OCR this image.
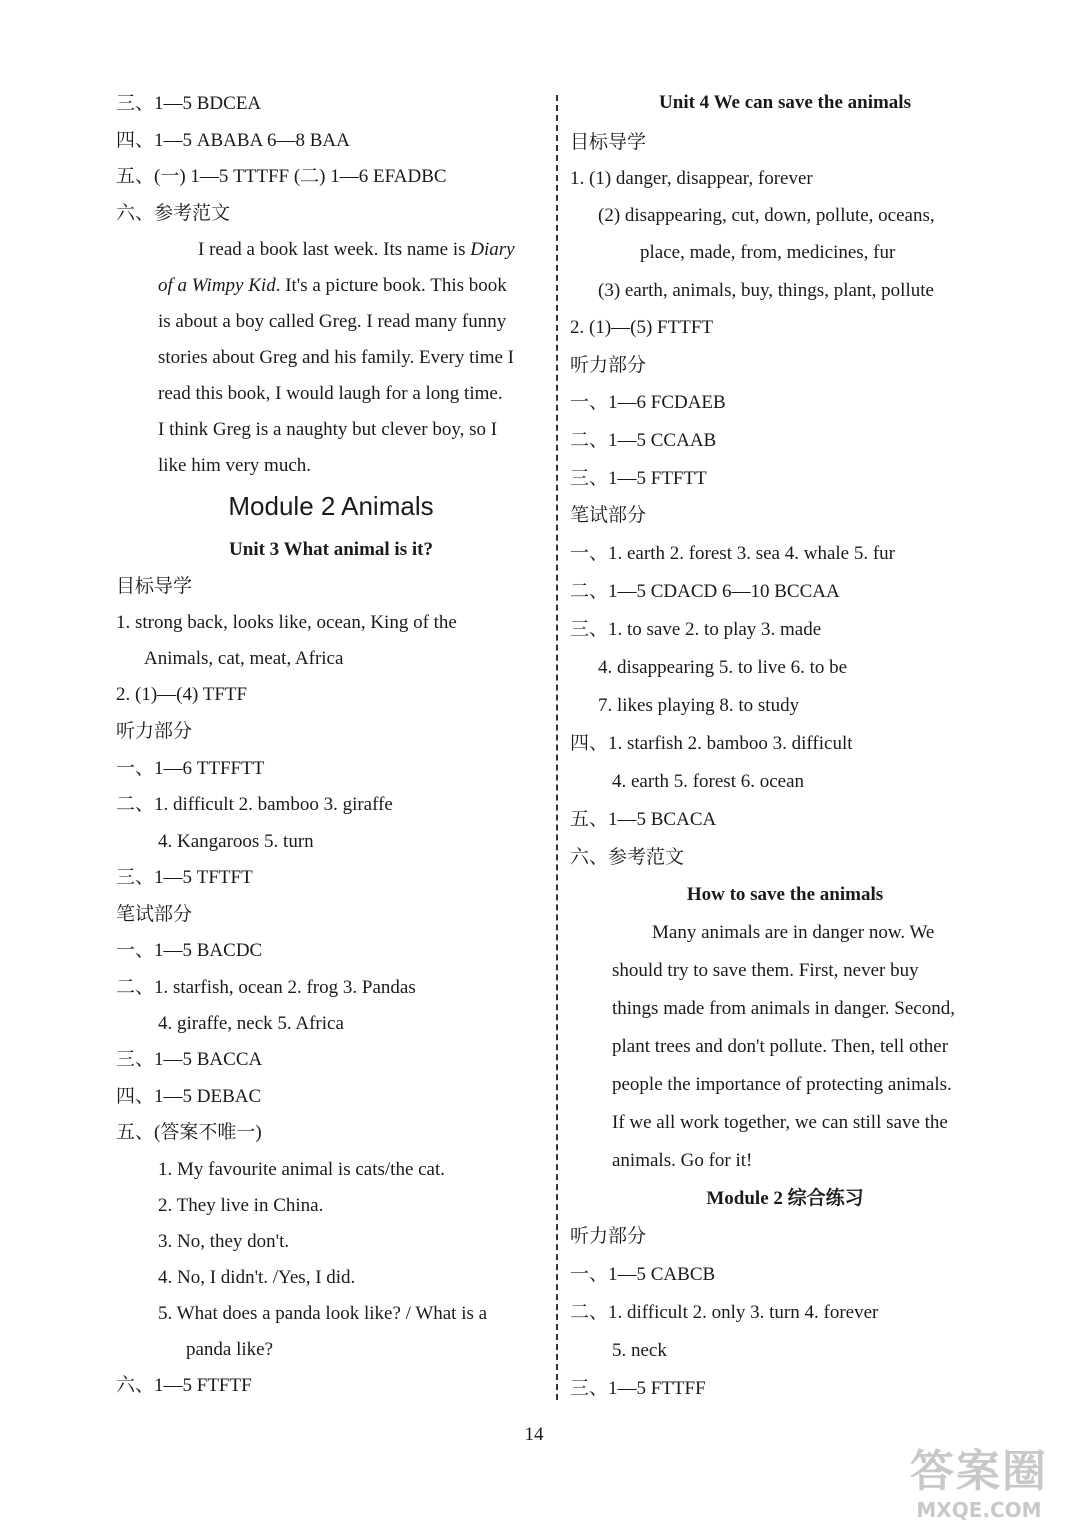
三、1—5 BDCEA
四、1—5 ABABA 6—8 BAA
五、(一) 1—5 TTTFF (二) 1—6 EFADBC
六、参考范文
I read a book last week. Its name is Diary
of a Wimpy Kid. It's a picture book. This book
is about a boy called Greg. I read many funny
stories about Greg and his family. Every time I
read this book, I would laugh for a long time.
I think Greg is a naughty but clever boy, so I
like him very much.
Module 2 Animals
Unit 3 What animal is it?
目标导学
1. strong back, looks like, ocean, King of the
Animals, cat, meat, Africa
2. (1)—(4) TFTF
听力部分
一、1—6 TTFFTT
二、1. difficult 2. bamboo 3. giraffe
4. Kangaroos 5. turn
三、1—5 TFTFT
笔试部分
一、1—5 BACDC
二、1. starfish, ocean 2. frog 3. Pandas
4. giraffe, neck 5. Africa
三、1—5 BACCA
四、1—5 DEBAC
五、(答案不唯一)
1. My favourite animal is cats/the cat.
2. They live in China.
3. No, they don't.
4. No, I didn't. /Yes, I did.
5. What does a panda look like? / What is a
panda like?
六、1—5 FTFTF
Unit 4 We can save the animals
目标导学
1. (1) danger, disappear, forever
(2) disappearing, cut, down, pollute, oceans,
place, made, from, medicines, fur
(3) earth, animals, buy, things, plant, pollute
2. (1)—(5) FTTFT
听力部分
一、1—6 FCDAEB
二、1—5 CCAAB
三、1—5 FTFTT
笔试部分
一、1. earth 2. forest 3. sea 4. whale 5. fur
二、1—5 CDACD 6—10 BCCAA
三、1. to save 2. to play 3. made
4. disappearing 5. to live 6. to be
7. likes playing 8. to study
四、1. starfish 2. bamboo 3. difficult
4. earth 5. forest 6. ocean
五、1—5 BCACA
六、参考范文
How to save the animals
Many animals are in danger now. We
should try to save them. First, never buy
things made from animals in danger. Second,
plant trees and don't pollute. Then, tell other
people the importance of protecting animals.
If we all work together, we can still save the
animals. Go for it!
Module 2 综合练习
听力部分
一、1—5 CABCB
二、1. difficult 2. only 3. turn 4. forever
5. neck
三、1—5 FTTFF
14
答案圈
MXQE.COM
